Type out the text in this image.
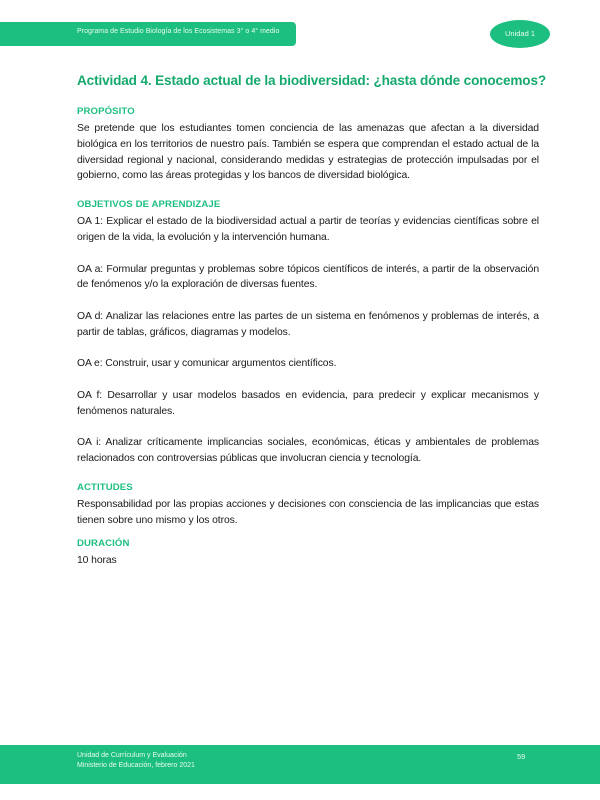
Programa de Estudio Biología de los Ecosistemas 3° o 4° medio	Unidad 1
Actividad 4. Estado actual de la biodiversidad: ¿hasta dónde conocemos?
PROPÓSITO

Se pretende que los estudiantes tomen conciencia de las amenazas que afectan a la diversidad biológica en los territorios de nuestro país. También se espera que comprendan el estado actual de la diversidad regional y nacional, considerando medidas y estrategias de protección impulsadas por el gobierno, como las áreas protegidas y los bancos de diversidad biológica.

OBJETIVOS DE APRENDIZAJE

OA 1: Explicar el estado de la biodiversidad actual a partir de teorías y evidencias científicas sobre el origen de la vida, la evolución y la intervención humana.

OA a: Formular preguntas y problemas sobre tópicos científicos de interés, a partir de la observación de fenómenos y/o la exploración de diversas fuentes.

OA d: Analizar las relaciones entre las partes de un sistema en fenómenos y problemas de interés, a partir de tablas, gráficos, diagramas y modelos.

OA e: Construir, usar y comunicar argumentos científicos.

OA f: Desarrollar y usar modelos basados en evidencia, para predecir y explicar mecanismos y fenómenos naturales.

OA i: Analizar críticamente implicancias sociales, económicas, éticas y ambientales de problemas relacionados con controversias públicas que involucran ciencia y tecnología.

ACTITUDES

Responsabilidad por las propias acciones y decisiones con consciencia de las implicancias que estas tienen sobre uno mismo y los otros.

DURACIÓN

10 horas

Unidad de Currículum y Evaluación
Ministerio de Educación, febrero 2021
59
